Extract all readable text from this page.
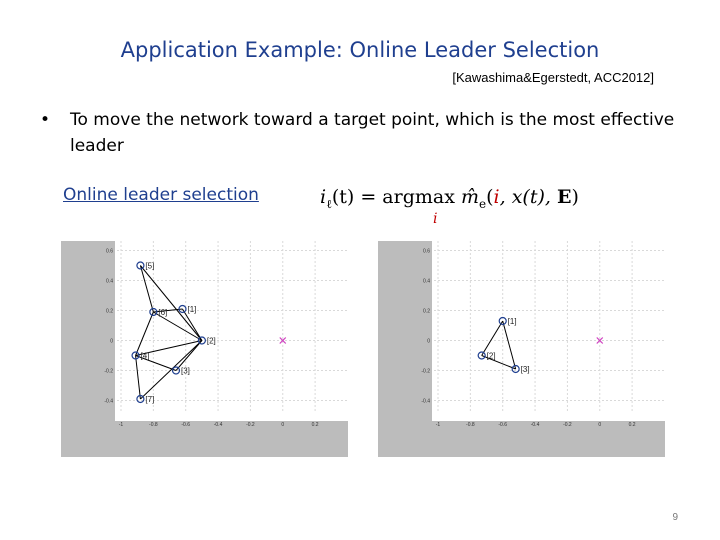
Application Example: Online Leader Selection
[Kawashima&Egerstedt, ACC2012]
• To move the network toward a target point, which is the most effective leader
Online leader selection	$i_\ell(t) = argmax$ $m̂_e(i$, x(t), E)
i
-1	-0.8	-0.6	-0.4	-0.2	0	0.2
0.6
0.4
0.2
0
-0.2
-0.4
[5]
[6]	[1]
[2]
[4]
[3]
[7]
-1	-0.8	-0.6	-0.4	-0.2	0	0.2
0.6
0.4
0.2
0
-0.2
-0.4
[1]
[2]
[3]
9
